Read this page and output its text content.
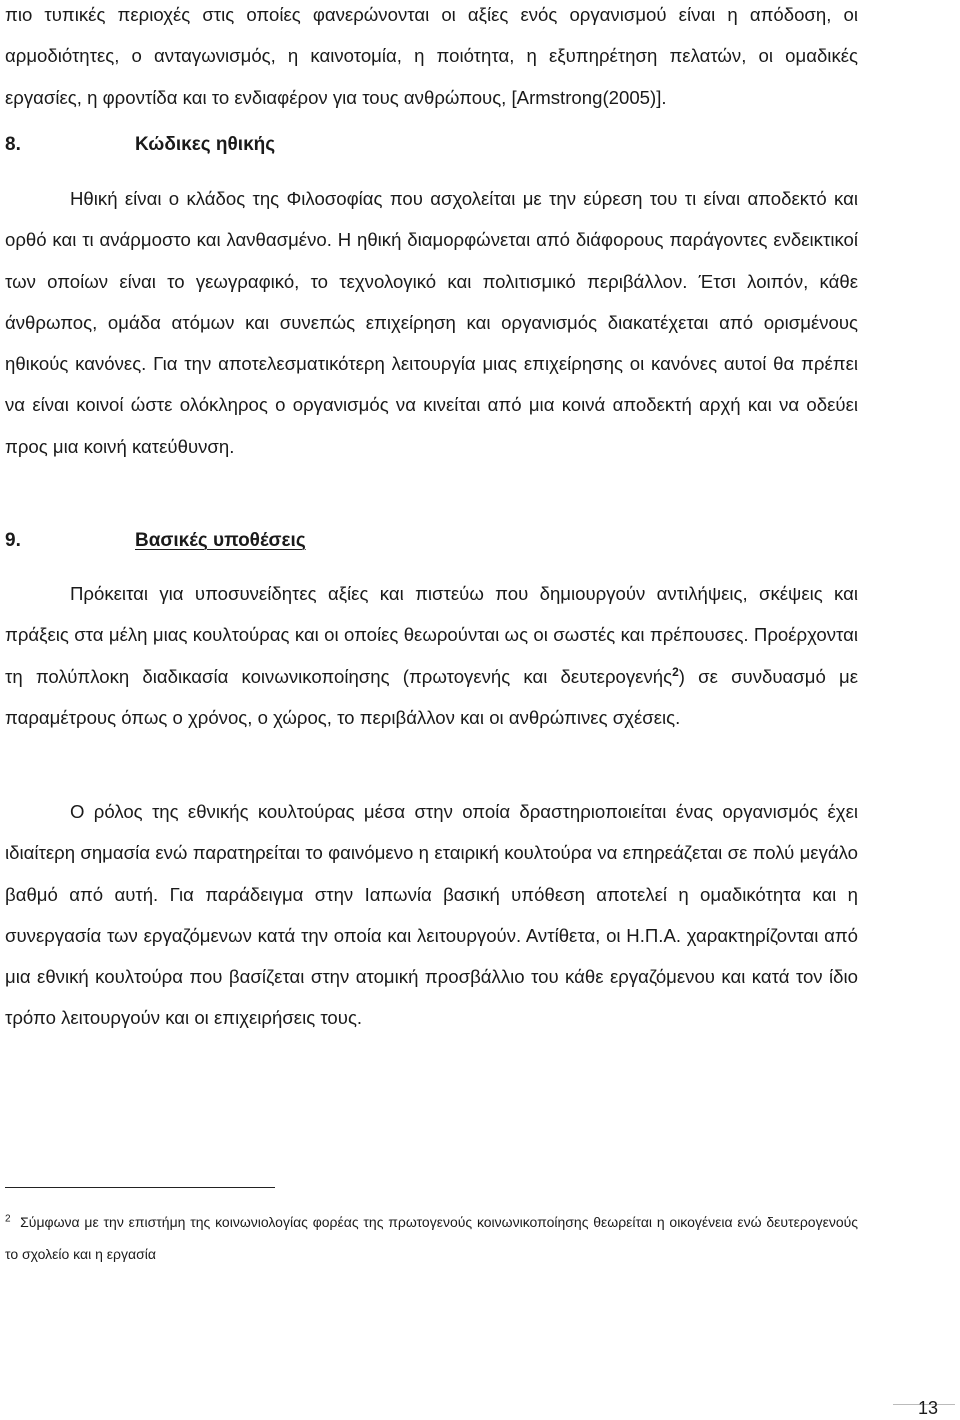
πιο τυπικές περιοχές στις οποίες φανερώνονται οι αξίες ενός οργανισμού είναι η απόδοση, οι αρμοδιότητες, ο ανταγωνισμός, η καινοτομία, η ποιότητα, η εξυπηρέτηση πελατών, οι ομαδικές εργασίες, η φροντίδα και το ενδιαφέρον για τους ανθρώπους, [Armstrong(2005)].

8.	Κώδικες ηθικής

Ηθική είναι ο κλάδος της Φιλοσοφίας που ασχολείται με την εύρεση του τι είναι αποδεκτό και ορθό και τι ανάρμοστο και λανθασμένο. Η ηθική διαμορφώνεται από διάφορους παράγοντες ενδεικτικοί των οποίων είναι το γεωγραφικό, το τεχνολογικό και πολιτισμικό περιβάλλον. Έτσι λοιπόν, κάθε άνθρωπος, ομάδα ατόμων και συνεπώς επιχείρηση και οργανισμός διακατέχεται από ορισμένους ηθικούς κανόνες. Για την αποτελεσματικότερη λειτουργία μιας επιχείρησης οι κανόνες αυτοί θα πρέπει να είναι κοινοί ώστε ολόκληρος ο οργανισμός να κινείται από μια κοινά αποδεκτή αρχή και να οδεύει προς μια κοινή κατεύθυνση.

9.	Βασικές υποθέσεις

Πρόκειται για υποσυνείδητες αξίες και πιστεύω που δημιουργούν αντιλήψεις, σκέψεις και πράξεις στα μέλη μιας κουλτούρας και οι οποίες θεωρούνται ως οι σωστές και πρέπουσες. Προέρχονται τη πολύπλοκη διαδικασία κοινωνικοποίησης (πρωτογενής και δευτερογενής$^2$) σε συνδυασμό με παραμέτρους όπως ο χρόνος, ο χώρος, το περιβάλλον και οι ανθρώπινες σχέσεις.

Ο ρόλος της εθνικής κουλτούρας μέσα στην οποία δραστηριοποιείται ένας οργανισμός έχει ιδιαίτερη σημασία ενώ παρατηρείται το φαινόμενο η εταιρική κουλτούρα να επηρεάζεται σε πολύ μεγάλο βαθμό από αυτή. Για παράδειγμα στην Ιαπωνία βασική υπόθεση αποτελεί η ομαδικότητα και η συνεργασία των εργαζόμενων κατά την οποία και λειτουργούν. Αντίθετα, οι Η.Π.Α. χαρακτηρίζονται από μια εθνική κουλτούρα που βασίζεται στην ατομική προσβάλλιο του κάθε εργαζόμενου και κατά τον ίδιο τρόπο λειτουργούν και οι επιχειρήσεις τους.

$^2$ Σύμφωνα με την επιστήμη της κοινωνιολογίας φορέας της πρωτογενούς κοινωνικοποίησης θεωρείται η οικογένεια ενώ δευτερογενούς το σχολείο και η εργασία

13
